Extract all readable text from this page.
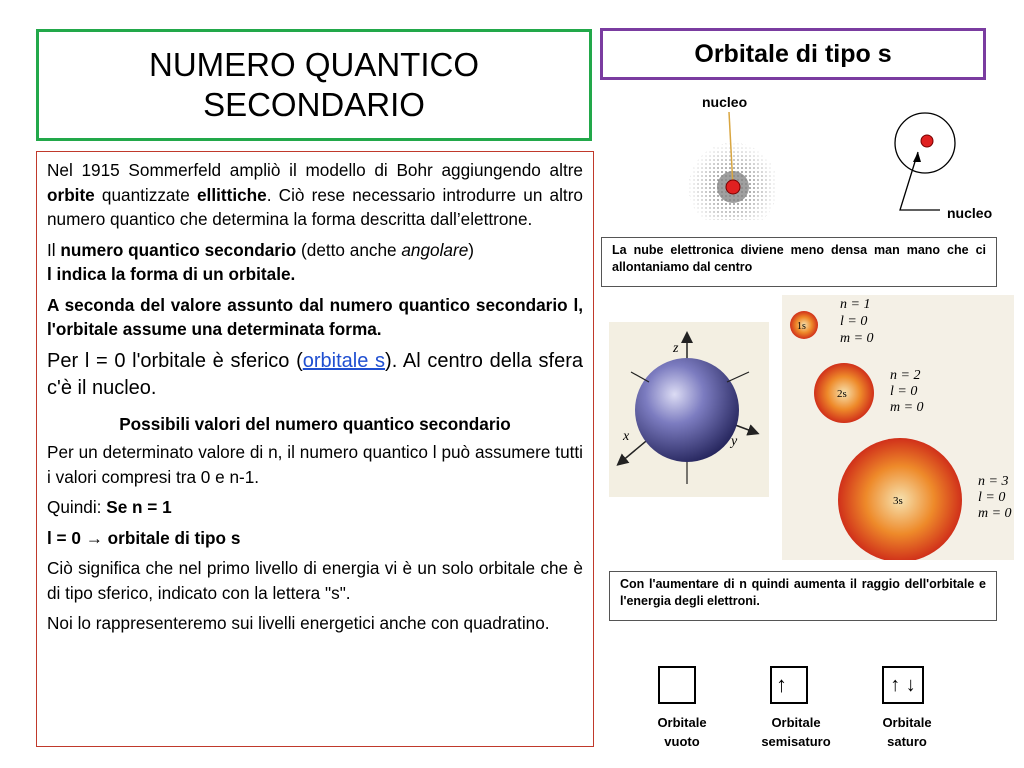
NUMERO QUANTICO
SECONDARIO

Nel 1915 Sommerfeld ampliò il modello di Bohr aggiungendo altre orbite quantizzate ellittiche. Ciò rese necessario introdurre un altro numero quantico che determina la forma descritta dall’elettrone.

Il numero quantico secondario (detto anche angolare)
l indica la forma di un orbitale.

A seconda del valore assunto dal numero quantico secondario l, l'orbitale assume una determinata forma.

Per l = 0 l'orbitale è sferico (orbitale s). Al centro della sfera c'è il nucleo.

Possibili valori del numero quantico secondario

Per un determinato valore di n, il numero quantico l può assumere tutti i valori compresi tra 0 e n-1.

Quindi: Se n = 1

l = 0 → orbitale di tipo s

Ciò significa che nel primo livello di energia vi è un solo orbitale che è di tipo sferico, indicato con la lettera "s".

Noi lo rappresenteremo sui livelli energetici anche con quadratino.

Orbitale di tipo s
nucleo
nucleo
La nube elettronica diviene meno densa man mano che ci allontaniamo dal centro
z
x	y
1s
n = 1
l = 0
m = 0
2s
n = 2
l = 0
m = 0
3s
n = 3
l = 0
m = 0
Con l'aumentare di n quindi aumenta il raggio dell'orbitale e l'energia degli elettroni.
Orbitale
vuoto
↑
Orbitale
semisaturo
↑ ↓
Orbitale
saturo
